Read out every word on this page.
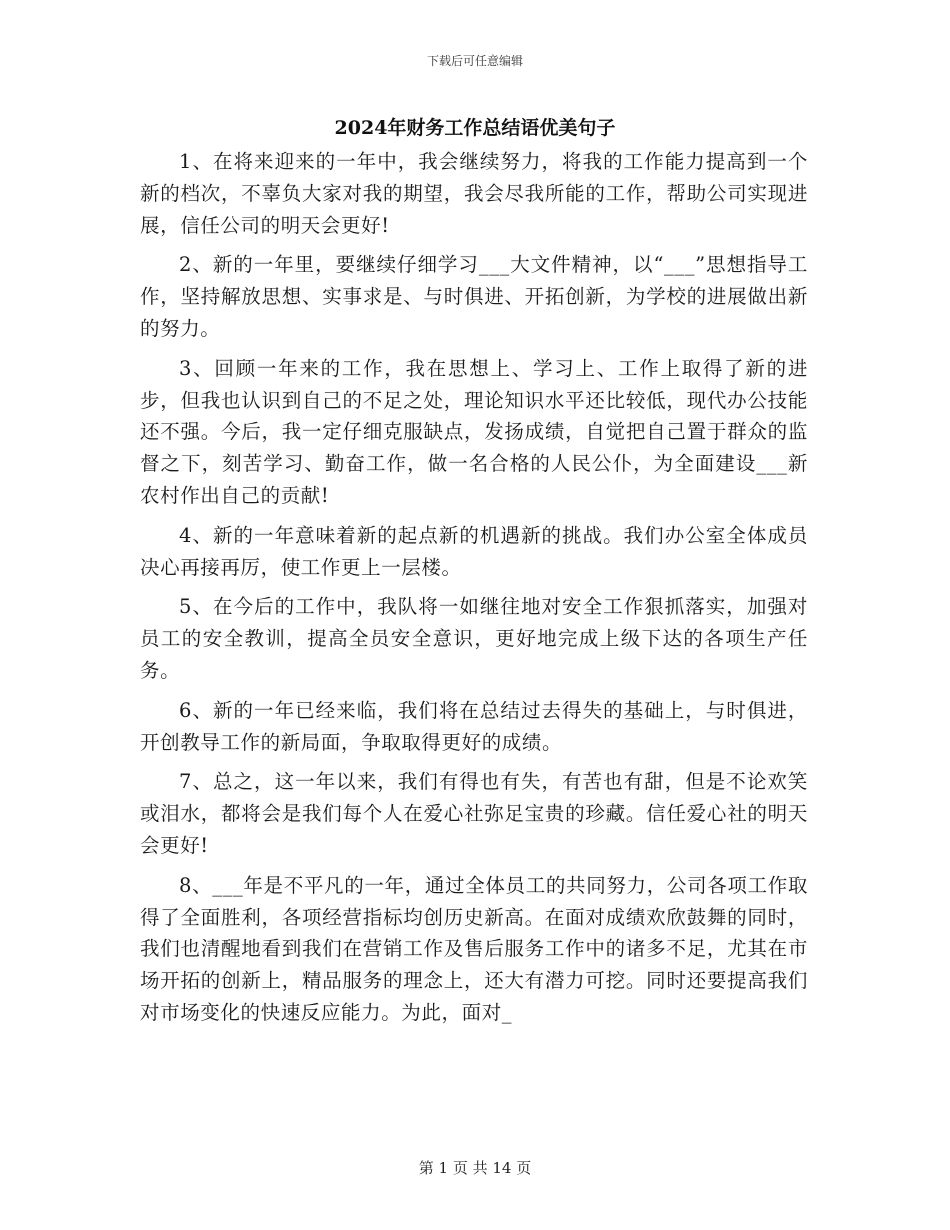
下载后可任意编辑
2024年财务工作总结语优美句子

1、在将来迎来的一年中，我会继续努力，将我的工作能力提高到一个新的档次，不辜负大家对我的期望，我会尽我所能的工作，帮助公司实现进展，信任公司的明天会更好!

2、新的一年里，要继续仔细学习___大文件精神，以“___”思想指导工作，坚持解放思想、实事求是、与时俱进、开拓创新，为学校的进展做出新的努力。

3、回顾一年来的工作，我在思想上、学习上、工作上取得了新的进步，但我也认识到自己的不足之处，理论知识水平还比较低，现代办公技能还不强。今后，我一定仔细克服缺点，发扬成绩，自觉把自己置于群众的监督之下，刻苦学习、勤奋工作，做一名合格的人民公仆，为全面建设___新农村作出自己的贡献!

4、新的一年意味着新的起点新的机遇新的挑战。我们办公室全体成员决心再接再厉，使工作更上一层楼。

5、在今后的工作中，我队将一如继往地对安全工作狠抓落实，加强对员工的安全教训，提高全员安全意识，更好地完成上级下达的各项生产任务。

6、新的一年已经来临，我们将在总结过去得失的基础上，与时俱进，开创教导工作的新局面，争取取得更好的成绩。

7、总之，这一年以来，我们有得也有失，有苦也有甜，但是不论欢笑或泪水，都将会是我们每个人在爱心社弥足宝贵的珍藏。信任爱心社的明天会更好!

8、___年是不平凡的一年，通过全体员工的共同努力，公司各项工作取得了全面胜利，各项经营指标均创历史新高。在面对成绩欢欣鼓舞的同时，我们也清醒地看到我们在营销工作及售后服务工作中的诸多不足，尤其在市场开拓的创新上，精品服务的理念上，还大有潜力可挖。同时还要提高我们对市场变化的快速反应能力。为此，面对_

第 1 页 共 14 页
